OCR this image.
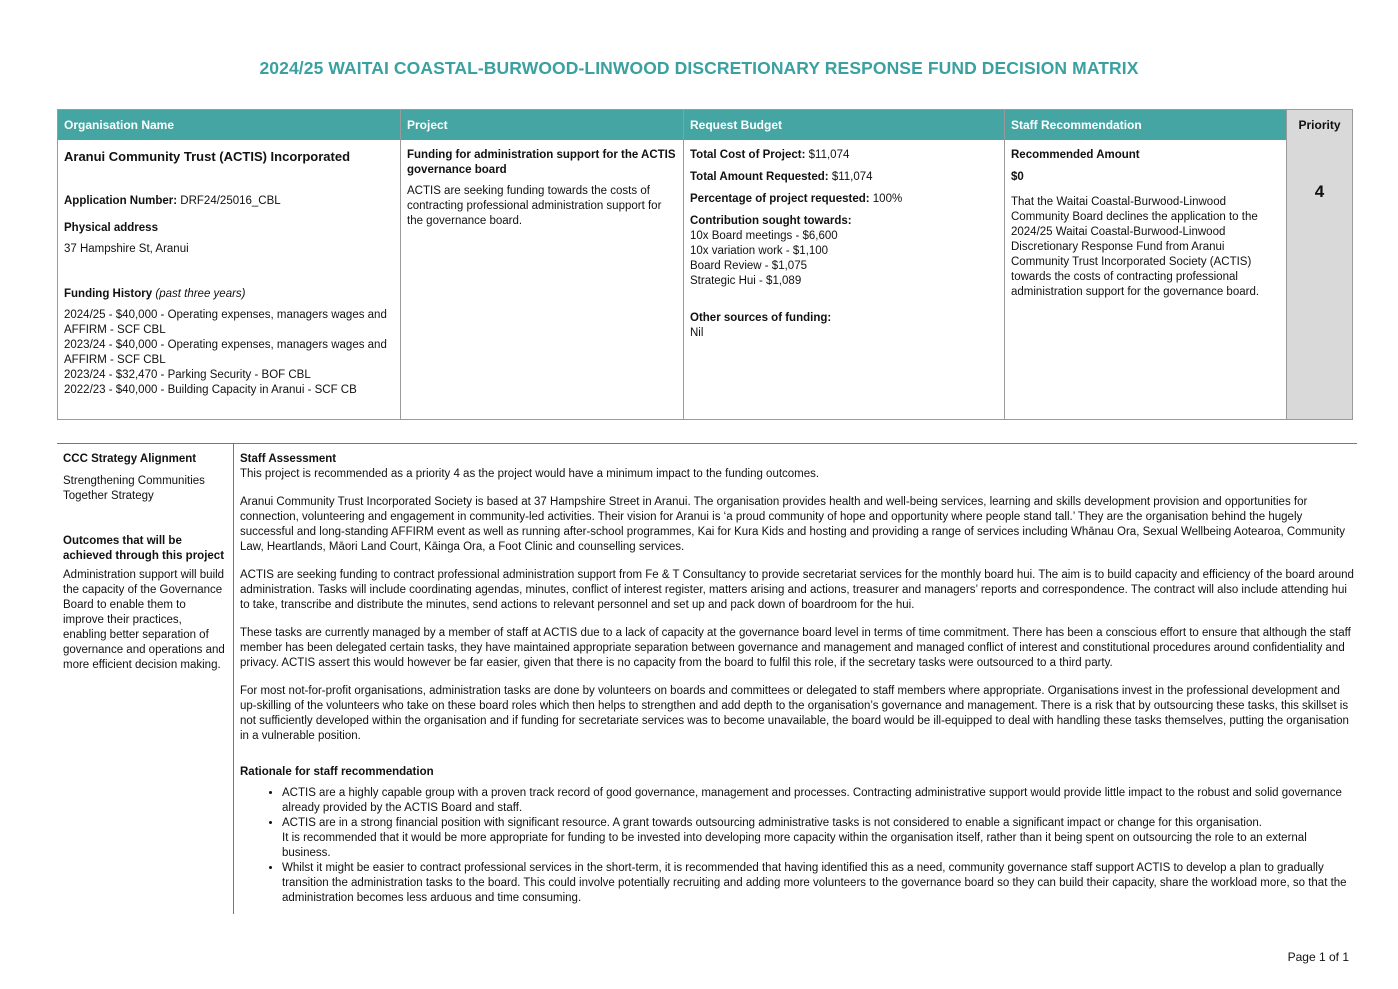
2024/25 WAITAI COASTAL-BURWOOD-LINWOOD DISCRETIONARY RESPONSE FUND DECISION MATRIX
Organisation Name
Aranui Community Trust (ACTIS) Incorporated
Application Number: DRF24/25016_CBL
Physical address
37 Hampshire St, Aranui
Funding History (past three years)
2024/25 - $40,000 - Operating expenses, managers wages and AFFIRM - SCF CBL
2023/24 - $40,000 - Operating expenses, managers wages and AFFIRM - SCF CBL
2023/24 - $32,470 - Parking Security - BOF CBL
2022/23 - $40,000 - Building Capacity in Aranui - SCF CB
Project
Funding for administration support for the ACTIS governance board
ACTIS are seeking funding towards the costs of contracting professional administration support for the governance board.
Request Budget
Total Cost of Project: $11,074
Total Amount Requested: $11,074
Percentage of project requested: 100%
Contribution sought towards:
10x Board meetings - $6,600
10x variation work - $1,100
Board Review - $1,075
Strategic Hui - $1,089
Other sources of funding:
Nil
Staff Recommendation
Recommended Amount
$0
That the Waitai Coastal-Burwood-Linwood Community Board declines the application to the 2024/25 Waitai Coastal-Burwood-Linwood Discretionary Response Fund from Aranui Community Trust Incorporated Society (ACTIS) towards the costs of contracting professional administration support for the governance board.
Priority
4
CCC Strategy Alignment
Strengthening Communities Together Strategy
Outcomes that will be achieved through this project
Administration support will build the capacity of the Governance Board to enable them to improve their practices, enabling better separation of governance and operations and more efficient decision making.

Staff Assessment

This project is recommended as a priority 4 as the project would have a minimum impact to the funding outcomes.

Aranui Community Trust Incorporated Society is based at 37 Hampshire Street in Aranui. The organisation provides health and well-being services, learning and skills development provision and opportunities for connection, volunteering and engagement in community-led activities. Their vision for Aranui is ‘a proud community of hope and opportunity where people stand tall.’ They are the organisation behind the hugely successful and long-standing AFFIRM event as well as running after-school programmes, Kai for Kura Kids and hosting and providing a range of services including Whānau Ora, Sexual Wellbeing Aotearoa, Community Law, Heartlands, Māori Land Court, Kāinga Ora, a Foot Clinic and counselling services.

ACTIS are seeking funding to contract professional administration support from Fe & T Consultancy to provide secretariat services for the monthly board hui. The aim is to build capacity and efficiency of the board around administration. Tasks will include coordinating agendas, minutes, conflict of interest register, matters arising and actions, treasurer and managers’ reports and correspondence. The contract will also include attending hui to take, transcribe and distribute the minutes, send actions to relevant personnel and set up and pack down of boardroom for the hui.

These tasks are currently managed by a member of staff at ACTIS due to a lack of capacity at the governance board level in terms of time commitment. There has been a conscious effort to ensure that although the staff member has been delegated certain tasks, they have maintained appropriate separation between governance and management and managed conflict of interest and constitutional procedures around confidentiality and privacy. ACTIS assert this would however be far easier, given that there is no capacity from the board to fulfil this role, if the secretary tasks were outsourced to a third party.

For most not-for-profit organisations, administration tasks are done by volunteers on boards and committees or delegated to staff members where appropriate. Organisations invest in the professional development and up-skilling of the volunteers who take on these board roles which then helps to strengthen and add depth to the organisation’s governance and management. There is a risk that by outsourcing these tasks, this skillset is not sufficiently developed within the organisation and if funding for secretariate services was to become unavailable, the board would be ill-equipped to deal with handling these tasks themselves, putting the organisation in a vulnerable position.

Rationale for staff recommendation

• ACTIS are a highly capable group with a proven track record of good governance, management and processes. Contracting administrative support would provide little impact to the robust and solid governance already provided by the ACTIS Board and staff.
• ACTIS are in a strong financial position with significant resource. A grant towards outsourcing administrative tasks is not considered to enable a significant impact or change for this organisation.
It is recommended that it would be more appropriate for funding to be invested into developing more capacity within the organisation itself, rather than it being spent on outsourcing the role to an external business.
• Whilst it might be easier to contract professional services in the short-term, it is recommended that having identified this as a need, community governance staff support ACTIS to develop a plan to gradually transition the administration tasks to the board. This could involve potentially recruiting and adding more volunteers to the governance board so they can build their capacity, share the workload more, so that the administration becomes less arduous and time consuming.
Page 1 of 1
